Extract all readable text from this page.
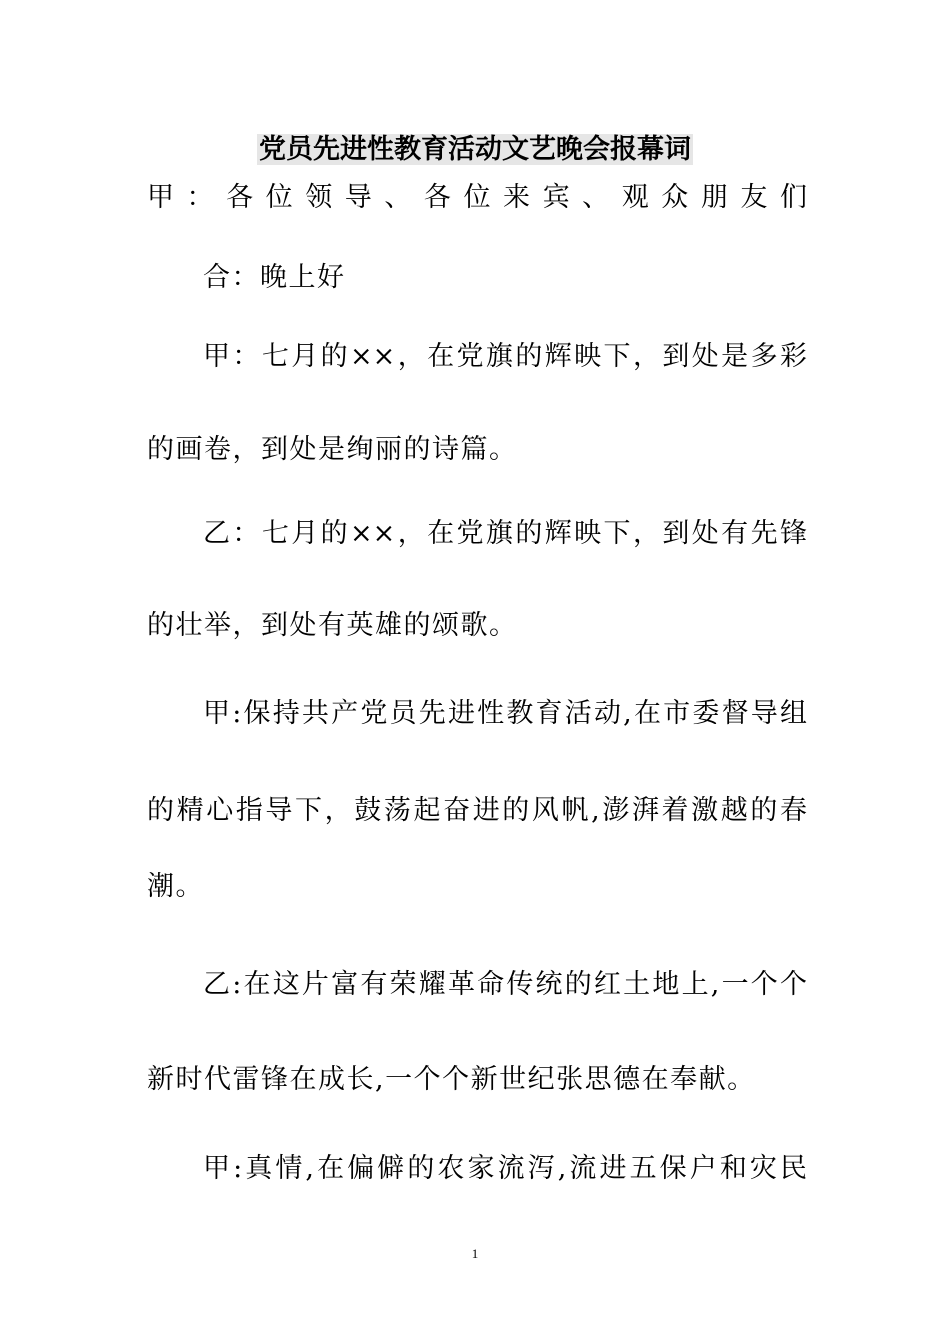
党员先进性教育活动文艺晚会报幕词
甲：各位领导、各位来宾、观众朋友们
合：晚上好
甲：七月的××，在党旗的辉映下，到处是多彩
的画卷，到处是绚丽的诗篇。
乙：七月的××，在党旗的辉映下，到处有先锋
的壮举，到处有英雄的颂歌。
甲:保持共产党员先进性教育活动,在市委督导组
的精心指导下，鼓荡起奋进的风帆,澎湃着激越的春
潮。
乙:在这片富有荣耀革命传统的红土地上,一个个
新时代雷锋在成长,一个个新世纪张思德在奉献。
甲:真情,在偏僻的农家流泻,流进五保户和灾民
1
